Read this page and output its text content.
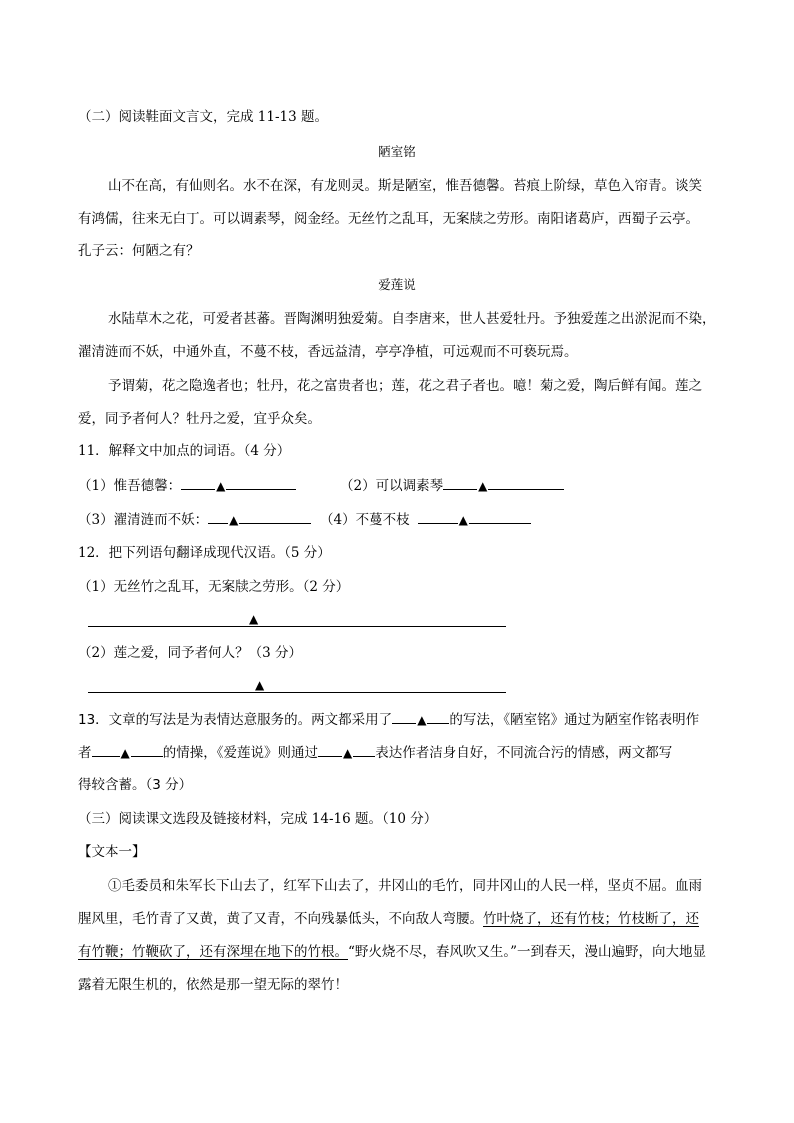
（二）阅读鞋面文言文，完成 11-13 题。
陋室铭
山不在高，有仙则名。水不在深，有龙则灵。斯是陋室，惟吾德馨。苔痕上阶绿，草色入帘青。谈笑
有鸿儒，往来无白丁。可以调素琴，阅金经。无丝竹之乱耳，无案牍之劳形。南阳诸葛庐，西蜀子云亭。
孔子云：何陋之有？
爱莲说
水陆草木之花，可爱者甚蕃。晋陶渊明独爱菊。自李唐来，世人甚爱牡丹。予独爱莲之出淤泥而不染，
濯清涟而不妖，中通外直，不蔓不枝，香远益清，亭亭净植，可远观而不可亵玩焉。
予谓菊，花之隐逸者也；牡丹，花之富贵者也；莲，花之君子者也。噫！菊之爱，陶后鲜有闻。莲之
爱，同予者何人？牡丹之爱，宜乎众矣。
11．解释文中加点的词语。（4 分）
（1）惟吾德馨：	▲	（2）可以调素琴	▲
（3）濯清涟而不妖： ▲	（4）不蔓不枝	▲
12．把下列语句翻译成现代汉语。（5 分）
（1）无丝竹之乱耳，无案牍之劳形。（2 分）
▲
（2）莲之爱，同予者何人？（3 分）
▲
13．文章的写法是为表情达意服务的。两文都采用了 ▲ 的写法，《陋室铭》通过为陋室作铭表明作
者 ▲ 的情操，《爱莲说》则通过 ▲ 表达作者洁身自好，不同流合污的情感，两文都写
得较含蓄。（3 分）
（三）阅读课文选段及链接材料，完成 14-16 题。（10 分）
【文本一】
①毛委员和朱军长下山去了，红军下山去了，井冈山的毛竹，同井冈山的人民一样，坚贞不屈。血雨
腥风里，毛竹青了又黄，黄了又青，不向残暴低头，不向敌人弯腰。竹叶烧了，还有竹枝；竹枝断了，还
有竹鞭；竹鞭砍了，还有深埋在地下的竹根。“野火烧不尽，春风吹又生。”一到春天，漫山遍野，向大地显
露着无限生机的，依然是那一望无际的翠竹！
